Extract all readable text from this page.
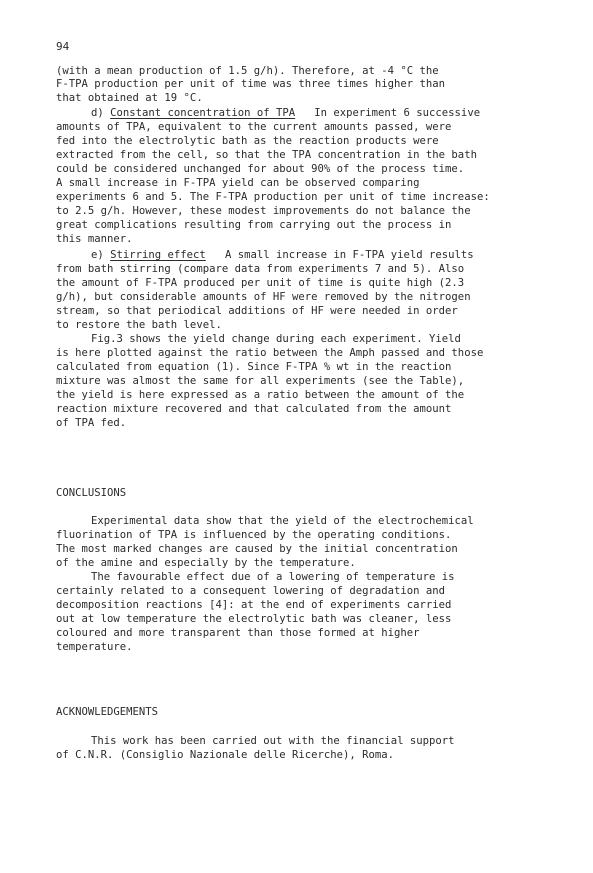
94
(with a mean production of 1.5 g/h). Therefore, at -4 °C the
F-TPA production per unit of time was three times higher than
that obtained at 19 °C.
d) Constant concentration of TPA   In experiment 6 successive
amounts of TPA, equivalent to the current amounts passed, were
fed into the electrolytic bath as the reaction products were
extracted from the cell, so that the TPA concentration in the bath
could be considered unchanged for about 90% of the process time.
A small increase in F-TPA yield can be observed comparing
experiments 6 and 5. The F-TPA production per unit of time increase:
to 2.5 g/h. However, these modest improvements do not balance the
great complications resulting from carrying out the process in
this manner.
e) Stirring effect   A small increase in F-TPA yield results
from bath stirring (compare data from experiments 7 and 5). Also
the amount of F-TPA produced per unit of time is quite high (2.3
g/h), but considerable amounts of HF were removed by the nitrogen
stream, so that periodical additions of HF were needed in order
to restore the bath level.
Fig.3 shows the yield change during each experiment. Yield
is here plotted against the ratio between the Amph passed and those
calculated from equation (1). Since F-TPA % wt in the reaction
mixture was almost the same for all experiments (see the Table),
the yield is here expressed as a ratio between the amount of the
reaction mixture recovered and that calculated from the amount
of TPA fed.
CONCLUSIONS
Experimental data show that the yield of the electrochemical
fluorination of TPA is influenced by the operating conditions.
The most marked changes are caused by the initial concentration
of the amine and especially by the temperature.
The favourable effect due of a lowering of temperature is
certainly related to a consequent lowering of degradation and
decomposition reactions [4]: at the end of experiments carried
out at low temperature the electrolytic bath was cleaner, less
coloured and more transparent than those formed at higher
temperature.
ACKNOWLEDGEMENTS
This work has been carried out with the financial support
of C.N.R. (Consiglio Nazionale delle Ricerche), Roma.
